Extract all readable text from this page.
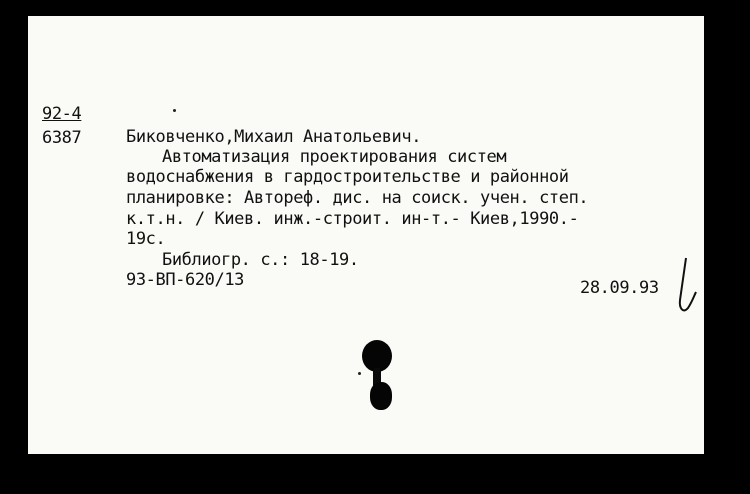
92-4
6387	Биковченко,Михаил Анатольевич.
Автоматизация проектирования систем
водоснабжения в гардостроительстве и районной
планировке: Автореф. дис. на соиск. учен. степ.
к.т.н. / Киев. инж.-строит. ин-т.- Киев,1990.-
19с.
Библиогр. с.: 18-19.
93-ВП-620/13	28.09.93
